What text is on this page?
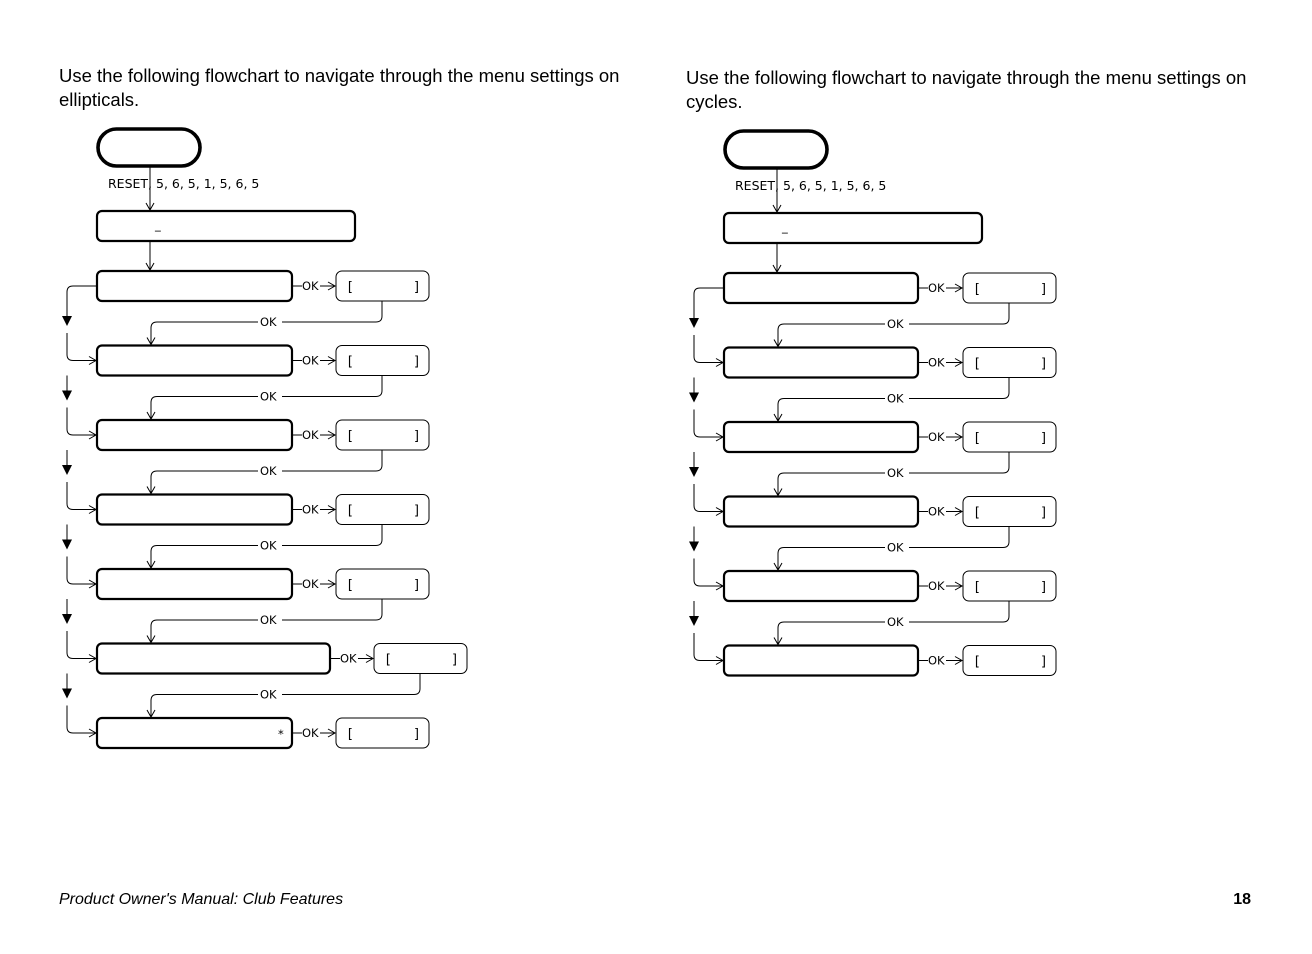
Use the following flowchart to navigate through the menu settings on ellipticals.

Use the following flowchart to navigate through the menu settings on cycles.

RESET, 5, 6, 5, 1, 5, 6, 5
_
OK [	]
OK
OK [	]
OK
OK [	]
OK
OK [	]
OK
OK [	]
OK
OK [	]
OK
* OK [	]
RESET, 5, 6, 5, 1, 5, 6, 5
_
OK [	]
OK
OK [	]
OK
OK [	]
OK
OK [	]
OK
OK [	]
OK
OK [	]

Product Owner's Manual: Club Features	18
